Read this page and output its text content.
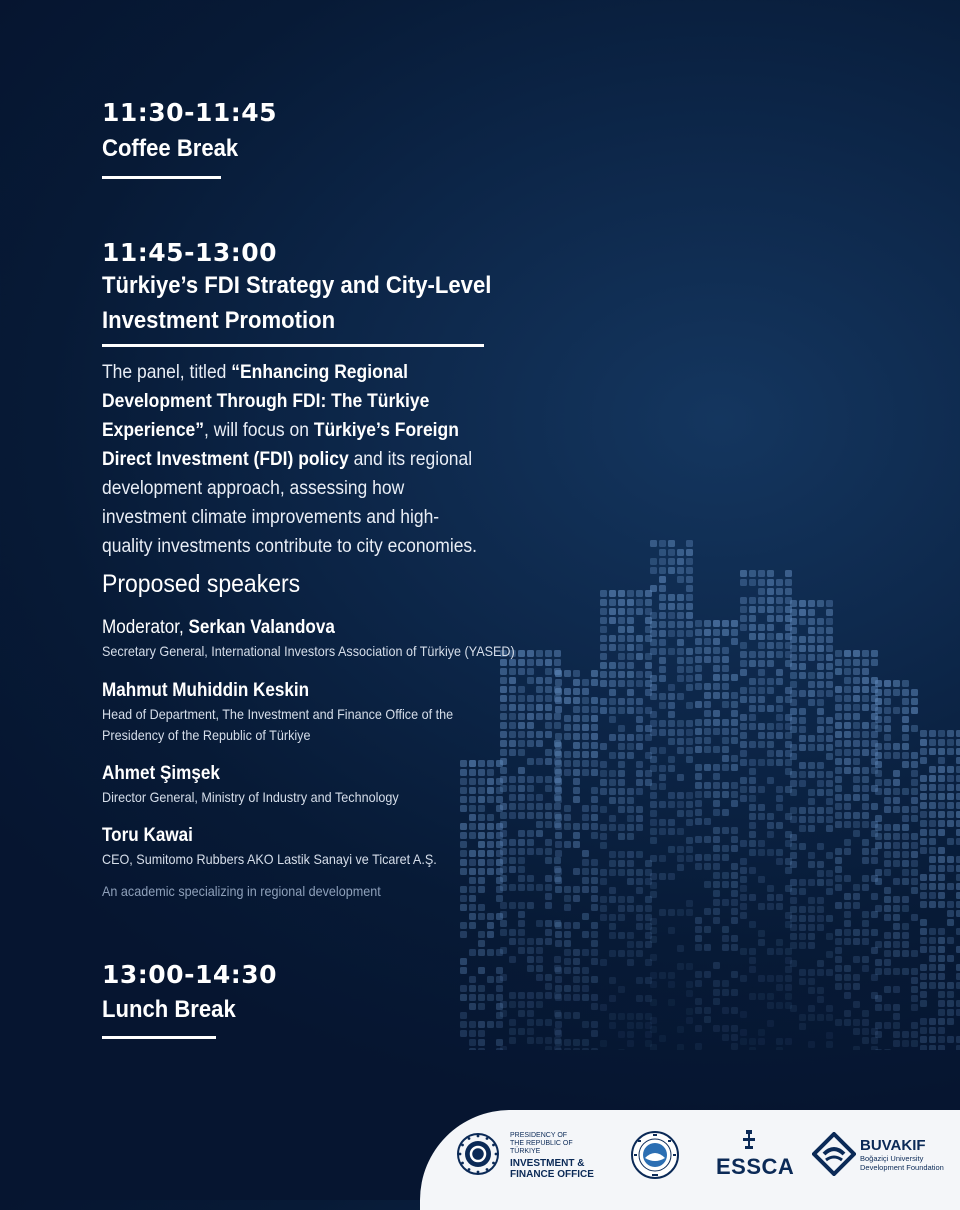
11:30-11:45
Coffee Break
11:45-13:00
Türkiye’s FDI Strategy and City-Level
Investment Promotion
The panel, titled “Enhancing Regional Development Through FDI: The Türkiye Experience”, will focus on Türkiye’s Foreign Direct Investment (FDI) policy and its regional development approach, assessing how investment climate improvements and high-quality investments contribute to city economies.
Proposed speakers
Moderator, Serkan Valandova
Secretary General, International Investors Association of Türkiye (YASED)
Mahmut Muhiddin Keskin
Head of Department, The Investment and Finance Office of the Presidency of the Republic of Türkiye
Ahmet Şimşek
Director General, Ministry of Industry and Technology
Toru Kawai
CEO, Sumitomo Rubbers AKO Lastik Sanayi ve Ticaret A.Ş.
An academic specializing in regional development
13:00-14:30
Lunch Break
PRESIDENCY OF THE REPUBLIC OF TÜRKIYE
INVESTMENT &
FINANCE OFFICE	ESSCA
BUVAKIF
Boğaziçi University
Development Foundation
